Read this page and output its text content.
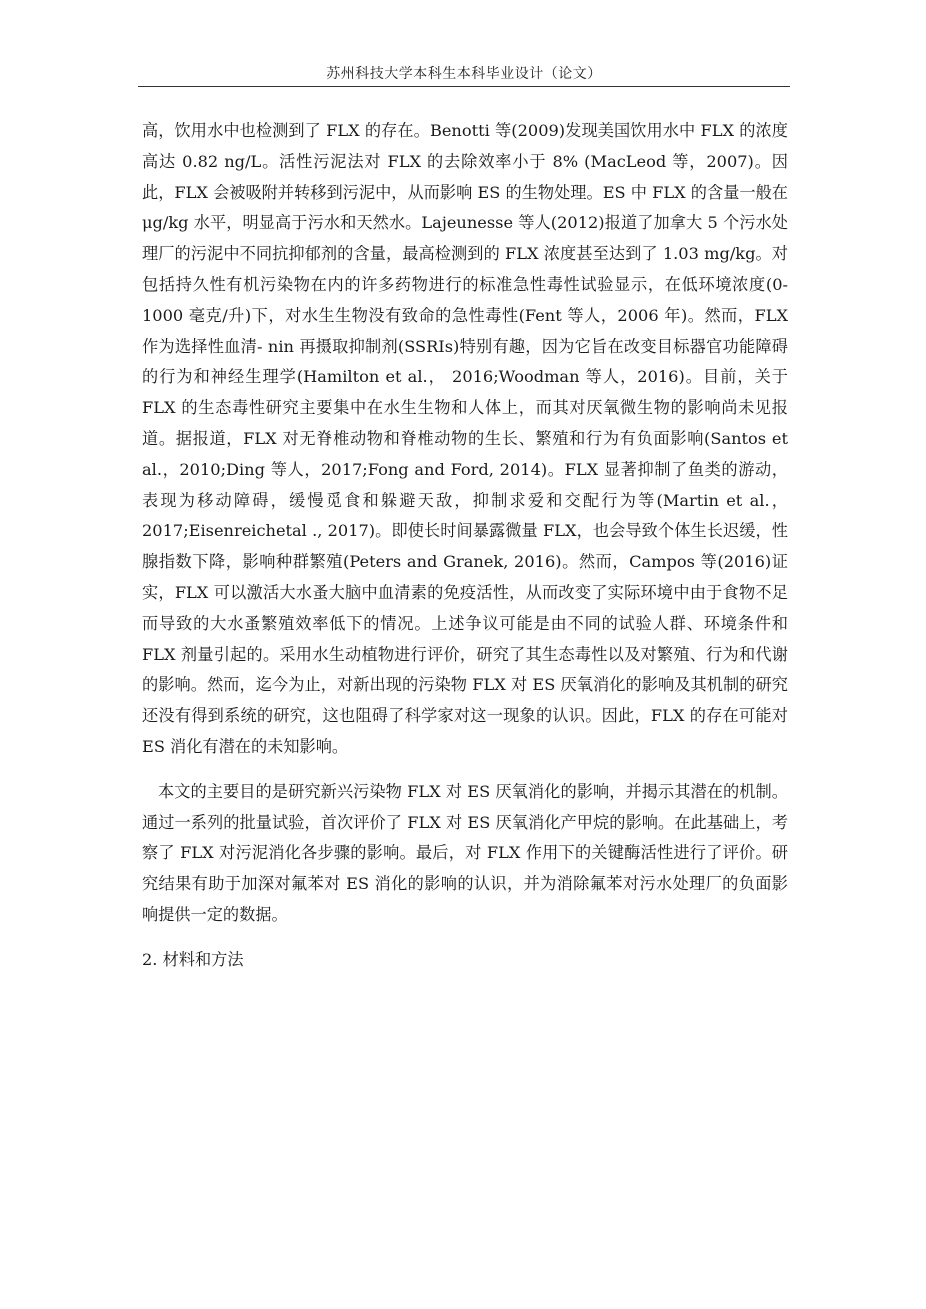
苏州科技大学本科生本科毕业设计（论文）

高，饮用水中也检测到了 FLX 的存在。Benotti 等(2009)发现美国饮用水中 FLX 的浓度高达 0.82 ng/L。活性污泥法对 FLX 的去除效率小于 8% (MacLeod 等，2007)。因此，FLX 会被吸附并转移到污泥中，从而影响 ES 的生物处理。ES 中 FLX 的含量一般在 μg/kg 水平，明显高于污水和天然水。Lajeunesse 等人(2012)报道了加拿大 5 个污水处理厂的污泥中不同抗抑郁剂的含量，最高检测到的 FLX 浓度甚至达到了 1.03 mg/kg。对包括持久性有机污染物在内的许多药物进行的标准急性毒性试验显示，在低环境浓度(0-1000 毫克/升)下，对水生生物没有致命的急性毒性(Fent 等人，2006 年)。然而，FLX 作为选择性血清- nin 再摄取抑制剂(SSRIs)特别有趣，因为它旨在改变目标器官功能障碍的行为和神经生理学(Hamilton et al.， 2016;Woodman 等人，2016)。目前，关于 FLX 的生态毒性研究主要集中在水生生物和人体上，而其对厌氧微生物的影响尚未见报道。据报道，FLX 对无脊椎动物和脊椎动物的生长、繁殖和行为有负面影响(Santos et al.，2010;Ding 等人，2017;Fong and Ford, 2014)。FLX 显著抑制了鱼类的游动，表现为移动障碍，缓慢觅食和躲避天敌，抑制求爱和交配行为等(Martin et al.，2017;Eisenreichetal ., 2017)。即使长时间暴露微量 FLX，也会导致个体生长迟缓，性腺指数下降，影响种群繁殖(Peters and Granek, 2016)。然而，Campos 等(2016)证实，FLX 可以激活大水蚤大脑中血清素的免疫活性，从而改变了实际环境中由于食物不足而导致的大水蚤繁殖效率低下的情况。上述争议可能是由不同的试验人群、环境条件和 FLX 剂量引起的。采用水生动植物进行评价，研究了其生态毒性以及对繁殖、行为和代谢的影响。然而，迄今为止，对新出现的污染物 FLX 对 ES 厌氧消化的影响及其机制的研究还没有得到系统的研究，这也阻碍了科学家对这一现象的认识。因此，FLX 的存在可能对 ES 消化有潜在的未知影响。

本文的主要目的是研究新兴污染物 FLX 对 ES 厌氧消化的影响，并揭示其潜在的机制。通过一系列的批量试验，首次评价了 FLX 对 ES 厌氧消化产甲烷的影响。在此基础上，考察了 FLX 对污泥消化各步骤的影响。最后，对 FLX 作用下的关键酶活性进行了评价。研究结果有助于加深对氟苯对 ES 消化的影响的认识，并为消除氟苯对污水处理厂的负面影响提供一定的数据。

2. 材料和方法
